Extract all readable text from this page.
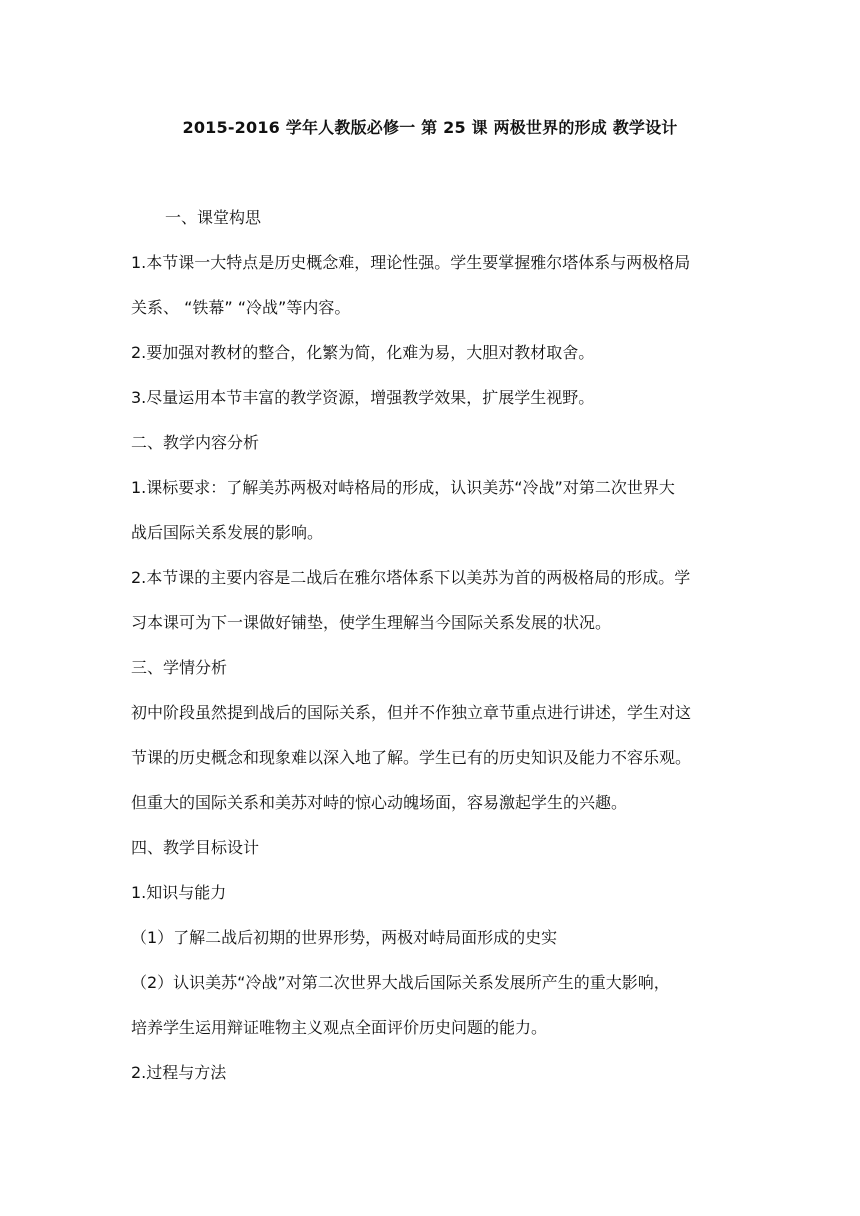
2015-2016 学年人教版必修一 第 25 课 两极世界的形成 教学设计
一、课堂构思
1.本节课一大特点是历史概念难，理论性强。学生要掌握雅尔塔体系与两极格局
关系、 “铁幕” “冷战”等内容。
2.要加强对教材的整合，化繁为简，化难为易，大胆对教材取舍。
3.尽量运用本节丰富的教学资源，增强教学效果，扩展学生视野。
二、教学内容分析
1.课标要求：了解美苏两极对峙格局的形成，认识美苏“冷战”对第二次世界大
战后国际关系发展的影响。
2.本节课的主要内容是二战后在雅尔塔体系下以美苏为首的两极格局的形成。学
习本课可为下一课做好铺垫，使学生理解当今国际关系发展的状况。
三、学情分析
初中阶段虽然提到战后的国际关系，但并不作独立章节重点进行讲述，学生对这
节课的历史概念和现象难以深入地了解。学生已有的历史知识及能力不容乐观。
但重大的国际关系和美苏对峙的惊心动魄场面，容易激起学生的兴趣。
四、教学目标设计
1.知识与能力
（1）了解二战后初期的世界形势，两极对峙局面形成的史实
（2）认识美苏“冷战”对第二次世界大战后国际关系发展所产生的重大影响，
培养学生运用辩证唯物主义观点全面评价历史问题的能力。
2.过程与方法
